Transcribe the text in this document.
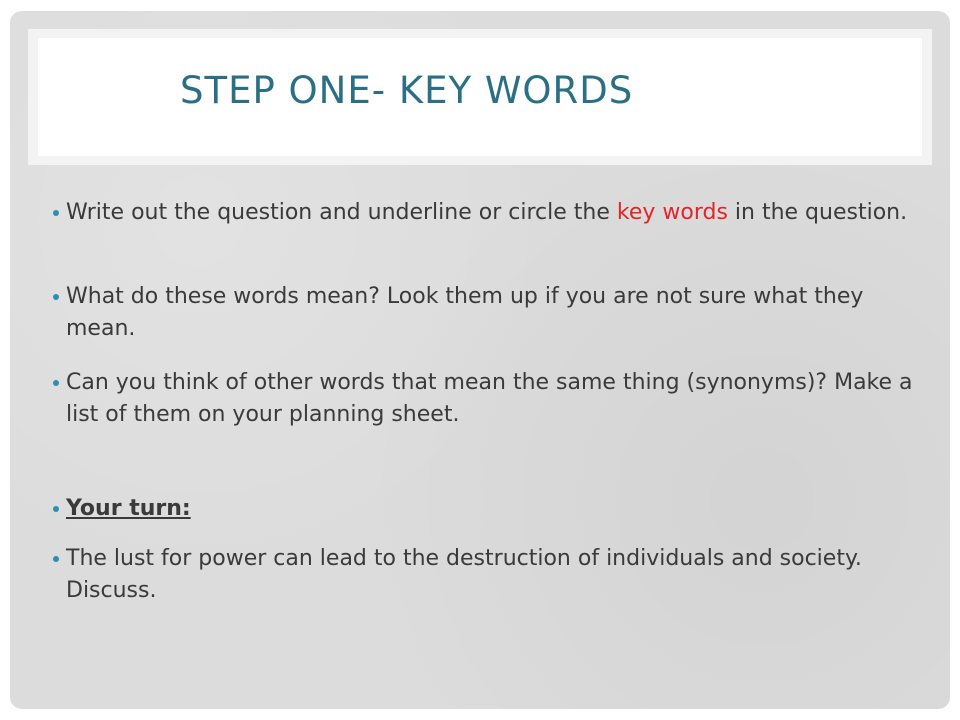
STEP ONE- KEY WORDS
Write out the question and underline or circle the key words in the question.
What do these words mean? Look them up if you are not sure what they mean.
Can you think of other words that mean the same thing (synonyms)? Make a list of them on your planning sheet.
Your turn:
The lust for power can lead to the destruction of individuals and society. Discuss.
